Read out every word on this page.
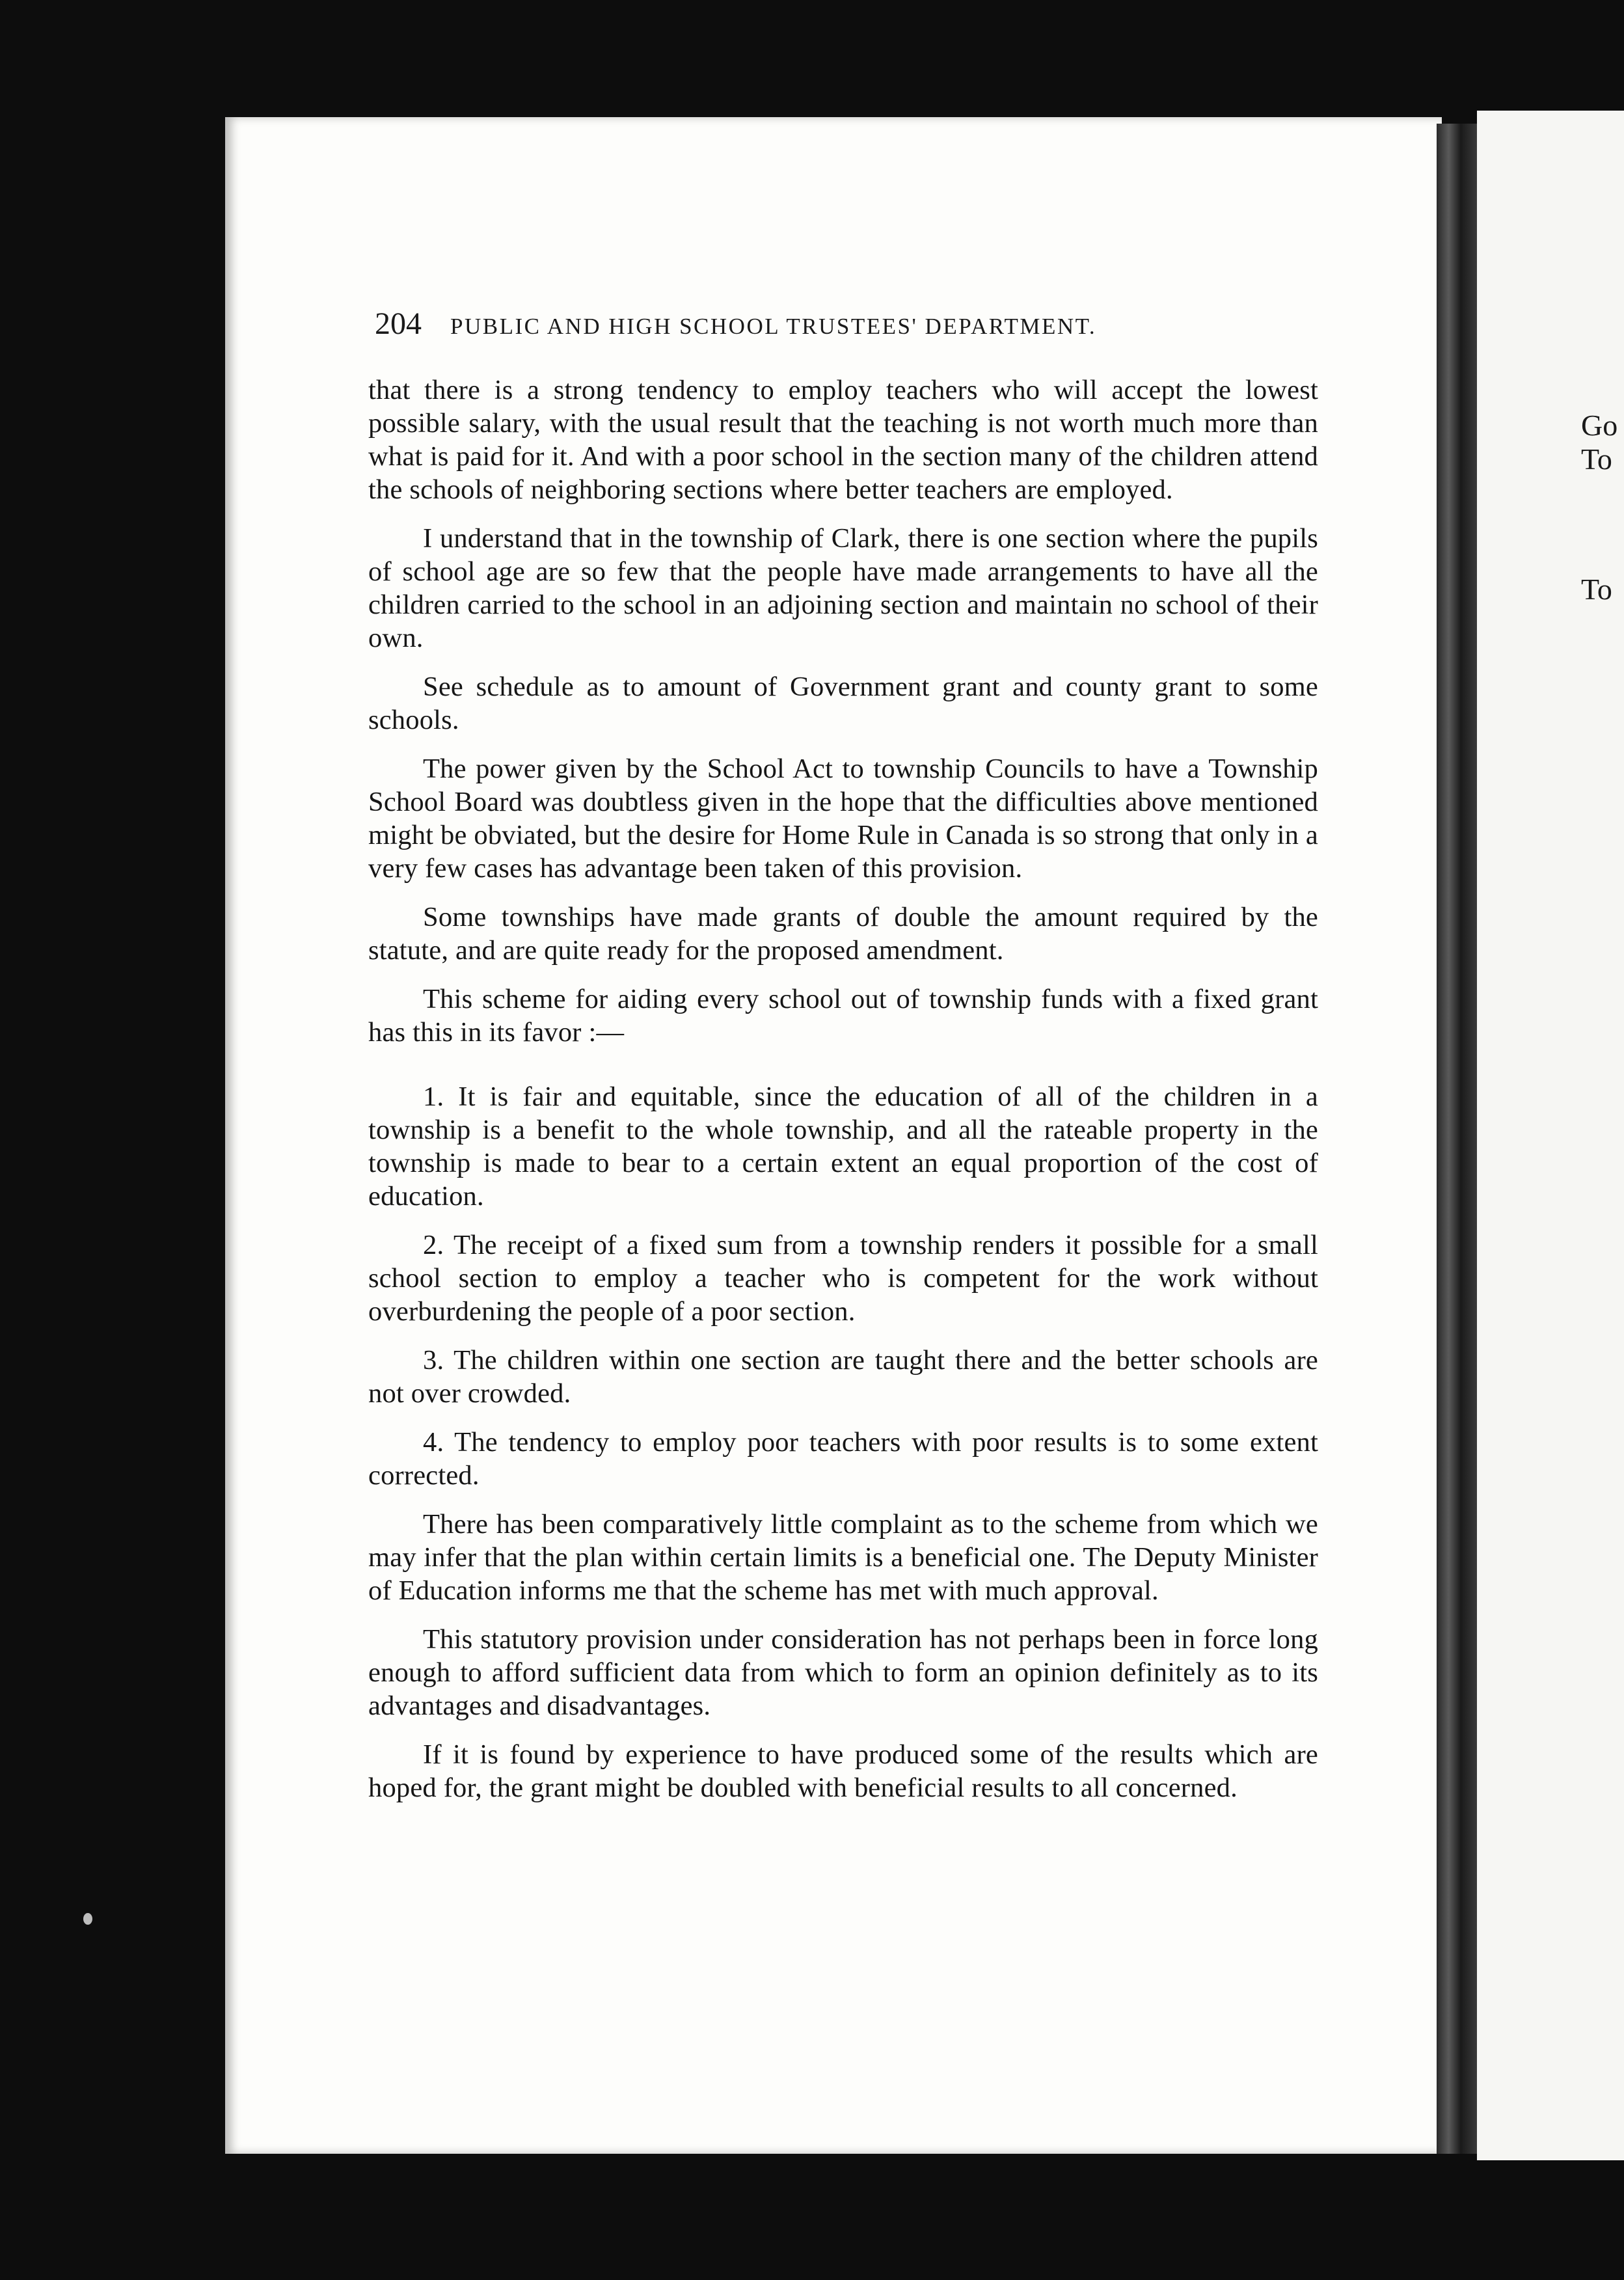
Go
To
To
204 PUBLIC AND HIGH SCHOOL TRUSTEES' DEPARTMENT.

that there is a strong tendency to employ teachers who will accept the lowest possible salary, with the usual result that the teaching is not worth much more than what is paid for it. And with a poor school in the section many of the children attend the schools of neighboring sections where better teachers are employed.

I understand that in the township of Clark, there is one section where the pupils of school age are so few that the people have made arrangements to have all the children carried to the school in an adjoining section and maintain no school of their own.

See schedule as to amount of Government grant and county grant to some schools.

The power given by the School Act to township Councils to have a Township School Board was doubtless given in the hope that the difficulties above mentioned might be obviated, but the desire for Home Rule in Canada is so strong that only in a very few cases has advantage been taken of this provision.

Some townships have made grants of double the amount required by the statute, and are quite ready for the proposed amendment.

This scheme for aiding every school out of township funds with a fixed grant has this in its favor :—

1. It is fair and equitable, since the education of all of the children in a township is a benefit to the whole township, and all the rateable property in the township is made to bear to a certain extent an equal proportion of the cost of education.

2. The receipt of a fixed sum from a township renders it possible for a small school section to employ a teacher who is competent for the work without overburdening the people of a poor section.

3. The children within one section are taught there and the better schools are not over crowded.

4. The tendency to employ poor teachers with poor results is to some extent corrected.

There has been comparatively little complaint as to the scheme from which we may infer that the plan within certain limits is a beneficial one. The Deputy Minister of Education informs me that the scheme has met with much approval.

This statutory provision under consideration has not perhaps been in force long enough to afford sufficient data from which to form an opinion definitely as to its advantages and disadvantages.

If it is found by experience to have produced some of the results which are hoped for, the grant might be doubled with beneficial results to all concerned.
